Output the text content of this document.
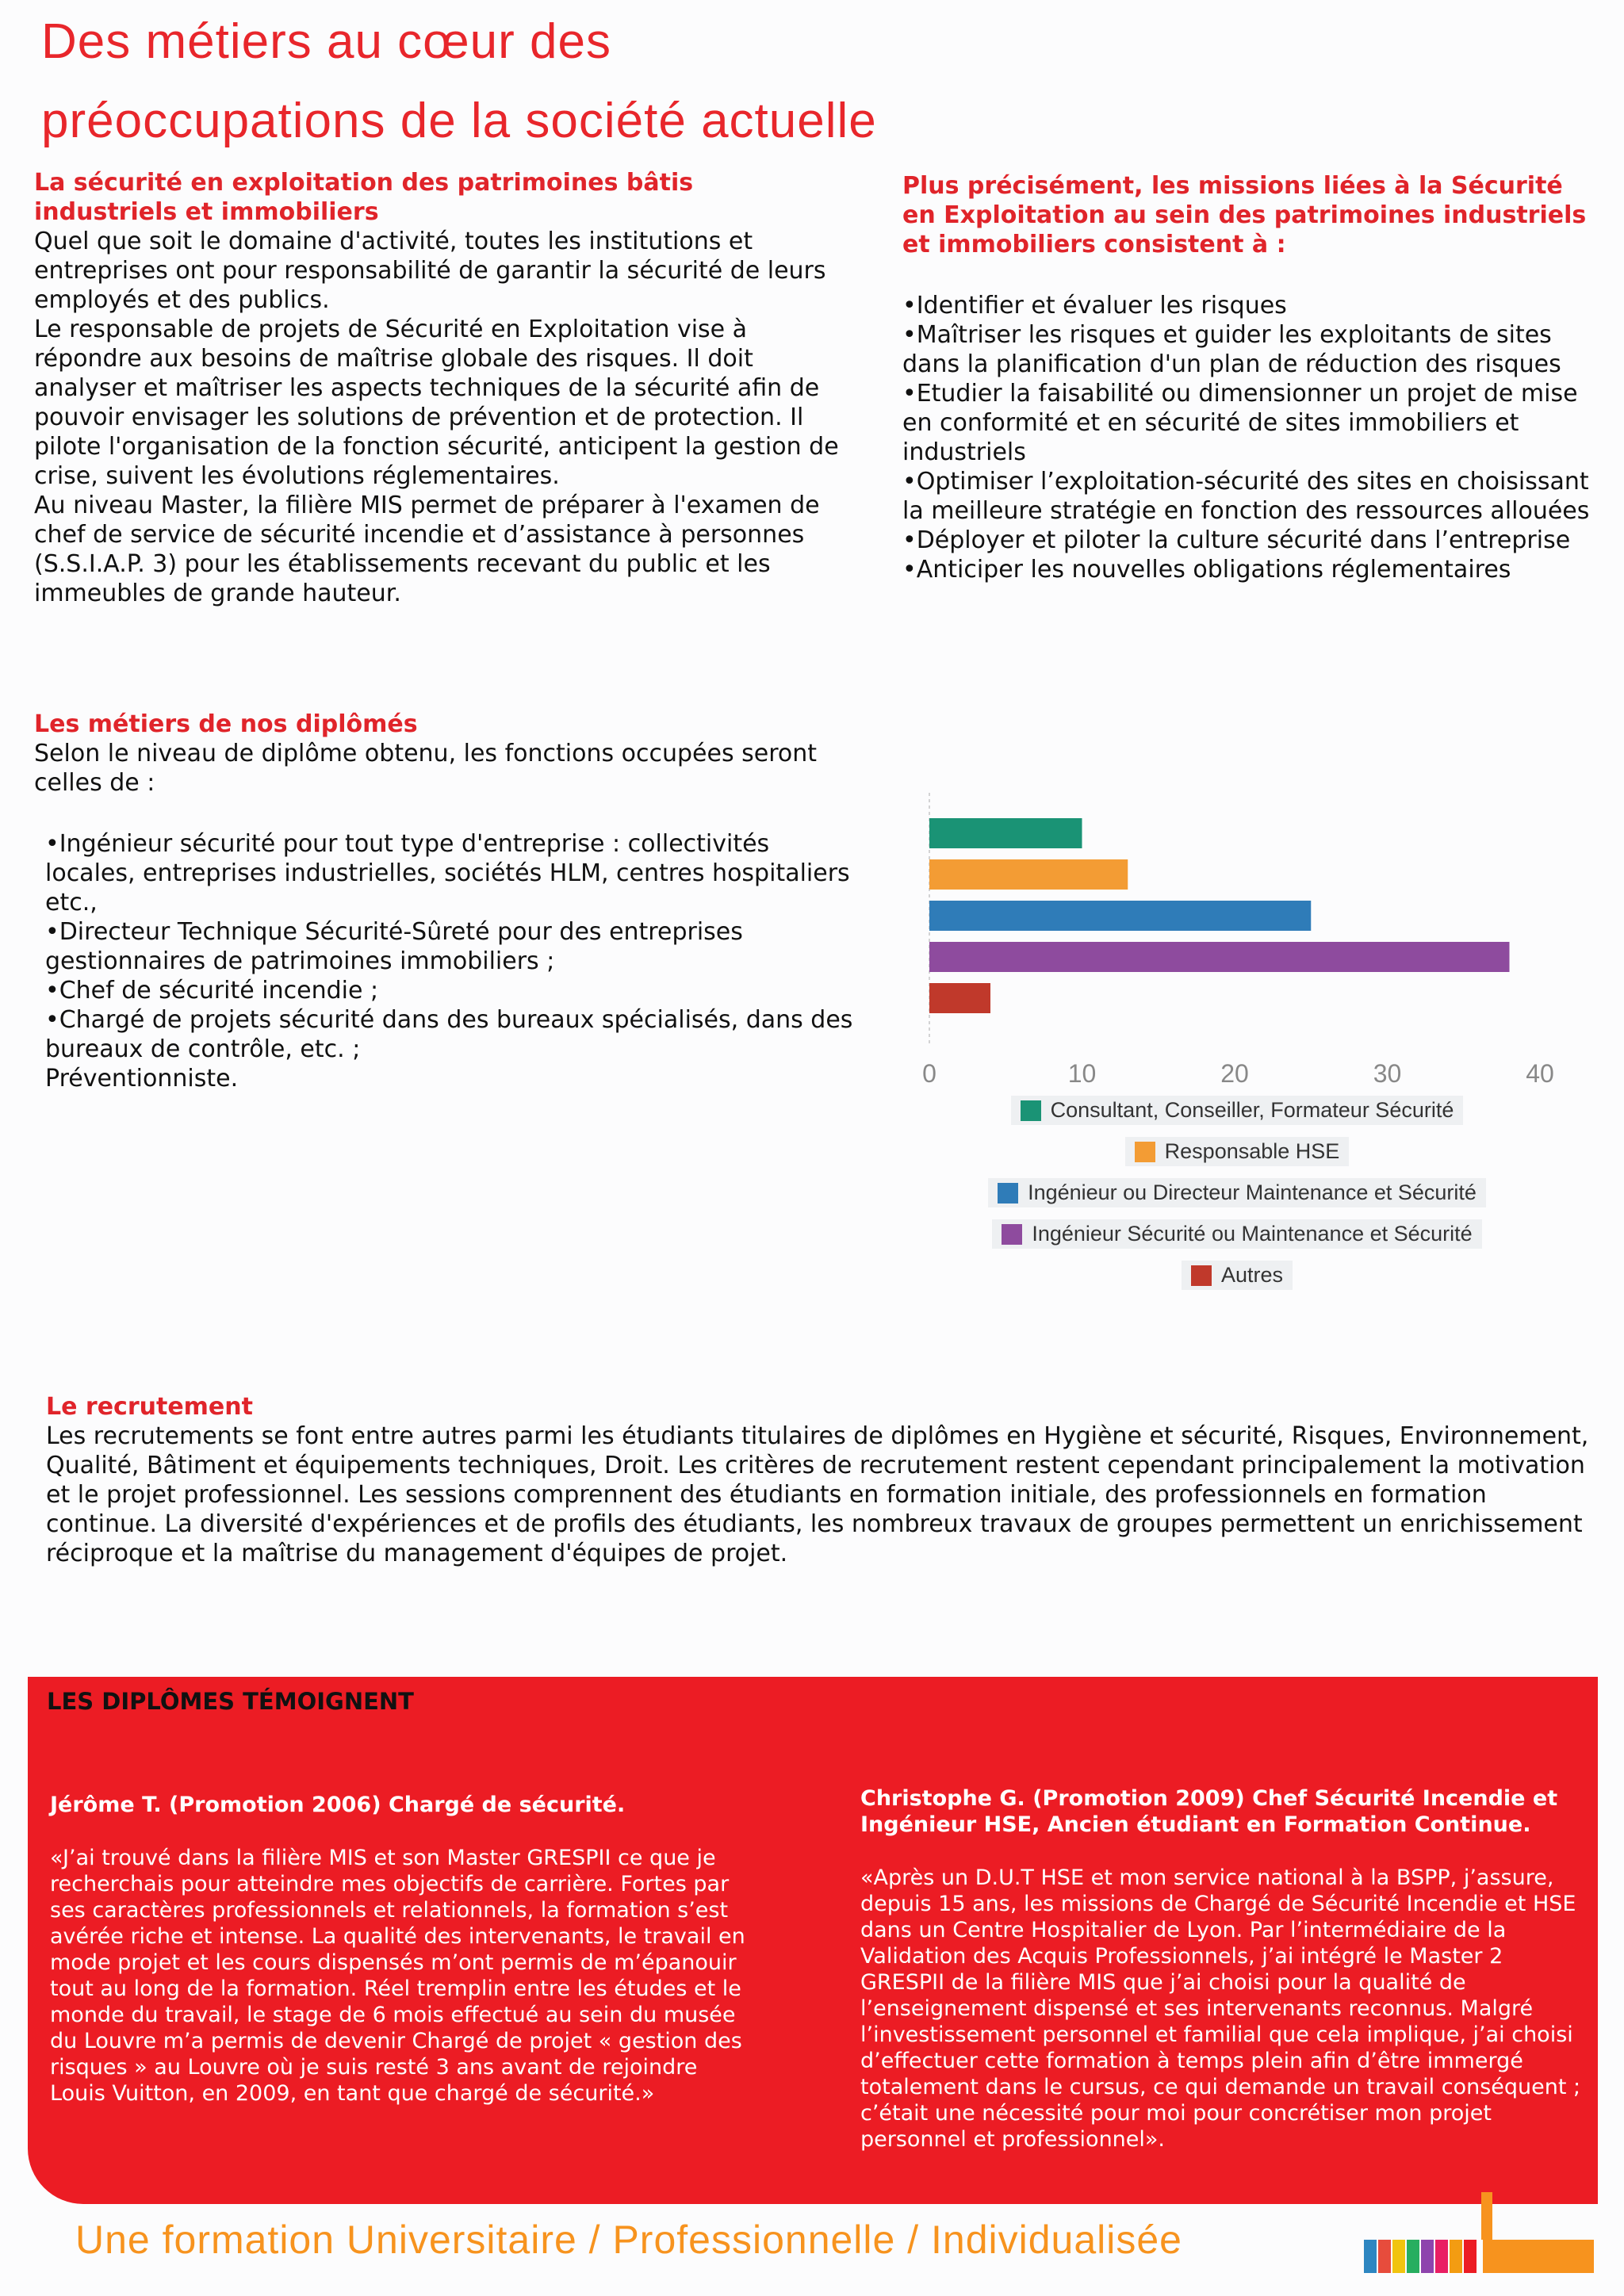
Des métiers au cœur des
préoccupations de la société actuelle

La sécurité en exploitation des patrimoines bâtis industriels et immobiliers

Quel que soit le domaine d'activité, toutes les institutions et entreprises ont pour responsabilité de garantir la sécurité de leurs employés et des publics.

Le responsable de projets de Sécurité en Exploitation vise à répondre aux besoins de maîtrise globale des risques. Il doit analyser et maîtriser les aspects techniques de la sécurité afin de pouvoir envisager les solutions de prévention et de protection. Il pilote l'organisation de la fonction sécurité, anticipent la gestion de crise, suivent les évolutions réglementaires.

Au niveau Master, la filière MIS permet de préparer à l'examen de chef de service de sécurité incendie et d’assistance à personnes (S.S.I.A.P. 3) pour les établissements recevant du public et les immeubles de grande hauteur.

Plus précisément, les missions liées à la Sécurité en Exploitation au sein des patrimoines industriels et immobiliers consistent à :

• Identifier et évaluer les risques
• Maîtriser les risques et guider les exploitants de sites dans la planification d'un plan de réduction des risques
• Etudier la faisabilité ou dimensionner un projet de mise en conformité et en sécurité de sites immobiliers et industriels
• Optimiser l’exploitation-sécurité des sites en choisissant la meilleure stratégie en fonction des ressources allouées
• Déployer et piloter la culture sécurité dans l’entreprise
• Anticiper les nouvelles obligations réglementaires

Les métiers de nos diplômés

Selon le niveau de diplôme obtenu, les fonctions occupées seront celles de :

• Ingénieur sécurité pour tout type d'entreprise : collectivités locales, entreprises industrielles, sociétés HLM, centres hospitaliers etc.,
• Directeur Technique Sécurité-Sûreté pour des entreprises gestionnaires de patrimoines immobiliers ;
• Chef de sécurité incendie ;
• Chargé de projets sécurité dans des bureaux spécialisés, dans des bureaux de contrôle, etc. ;
Préventionniste.	0	10	20	30	40
Consultant, Conseiller, Formateur Sécurité
Responsable HSE
Ingénieur ou Directeur Maintenance et Sécurité
Ingénieur Sécurité ou Maintenance et Sécurité
Autres

Le recrutement

Les recrutements se font entre autres parmi les étudiants titulaires de diplômes en Hygiène et sécurité, Risques, Environnement, Qualité, Bâtiment et équipements techniques, Droit. Les critères de recrutement restent cependant principalement la motivation et le projet professionnel. Les sessions comprennent des étudiants en formation initiale, des professionnels en formation continue. La diversité d'expériences et de profils des étudiants, les nombreux travaux de groupes permettent un enrichissement réciproque et la maîtrise du management d'équipes de projet.

LES DIPLÔMES TÉMOIGNENT
Jérôme T. (Promotion 2006) Chargé de sécurité.
«J’ai trouvé dans la filière MIS et son Master GRESPII ce que je recherchais pour atteindre mes objectifs de carrière. Fortes par ses caractères professionnels et relationnels, la formation s’est avérée riche et intense. La qualité des intervenants, le travail en mode projet et les cours dispensés m’ont permis de m’épanouir tout au long de la formation. Réel tremplin entre les études et le monde du travail, le stage de 6 mois effectué au sein du musée du Louvre m’a permis de devenir Chargé de projet « gestion des risques » au Louvre où je suis resté 3 ans avant de rejoindre Louis Vuitton, en 2009, en tant que chargé de sécurité.»
Christophe G. (Promotion 2009) Chef Sécurité Incendie et Ingénieur HSE, Ancien étudiant en Formation Continue.
«Après un D.U.T HSE et mon service national à la BSPP, j’assure, depuis 15 ans, les missions de Chargé de Sécurité Incendie et HSE dans un Centre Hospitalier de Lyon. Par l’intermédiaire de la Validation des Acquis Professionnels, j’ai intégré le Master 2 GRESPII de la filière MIS que j’ai choisi pour la qualité de l’enseignement dispensé et ses intervenants reconnus. Malgré l’investissement personnel et familial que cela implique, j’ai choisi d’effectuer cette formation à temps plein afin d’être immergé totalement dans le cursus, ce qui demande un travail conséquent ; c’était une nécessité pour moi pour concrétiser mon projet personnel et professionnel».
Une formation Universitaire / Professionnelle / Individualisée
